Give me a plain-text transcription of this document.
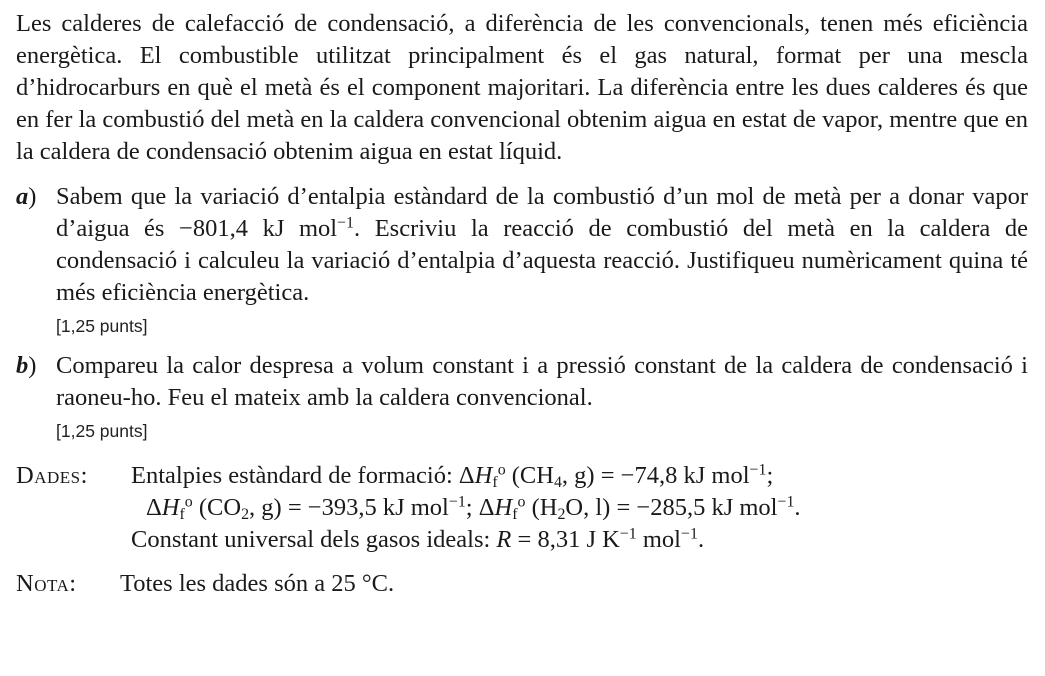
Les calderes de calefacció de condensació, a diferència de les convencionals, tenen més eficiència energètica. El combustible utilitzat principalment és el gas natural, format per una mescla d’hidrocarburs en què el metà és el component majoritari. La diferència entre les dues calderes és que en fer la combustió del metà en la caldera convencional obtenim aigua en estat de vapor, mentre que en la caldera de condensació obtenim aigua en estat líquid.

a) Sabem que la variació d’entalpia estàndard de la combustió d’un mol de metà per a donar vapor d’aigua és −801,4 kJ mol$^{-1}$. Escriviu la reacció de combustió del metà en la caldera de condensació i calculeu la variació d’entalpia d’aquesta reacció. Justifiqueu numèricament quina té més eficiència energètica.
[1,25 punts]
b) Compareu la calor despresa a volum constant i a pressió constant de la caldera de condensació i raoneu-ho. Feu el mateix amb la caldera convencional.
[1,25 punts]
Dades: Entalpies estàndard de formació: $\Delta H_f^o$ ($CH_4$, g) = −74,8 kJ mol$^{-1}$;
$\Delta H_f^o$ ($CO_2$, g) = −393,5 kJ mol$^{-1}$; $\Delta H_f^o$ ($H_2O$, l) = −285,5 kJ mol$^{-1}$.
Constant universal dels gasos ideals: R = 8,31 J $K^{-1}$ mol$^{-1}$.
Nota: Totes les dades són a 25 °C.
